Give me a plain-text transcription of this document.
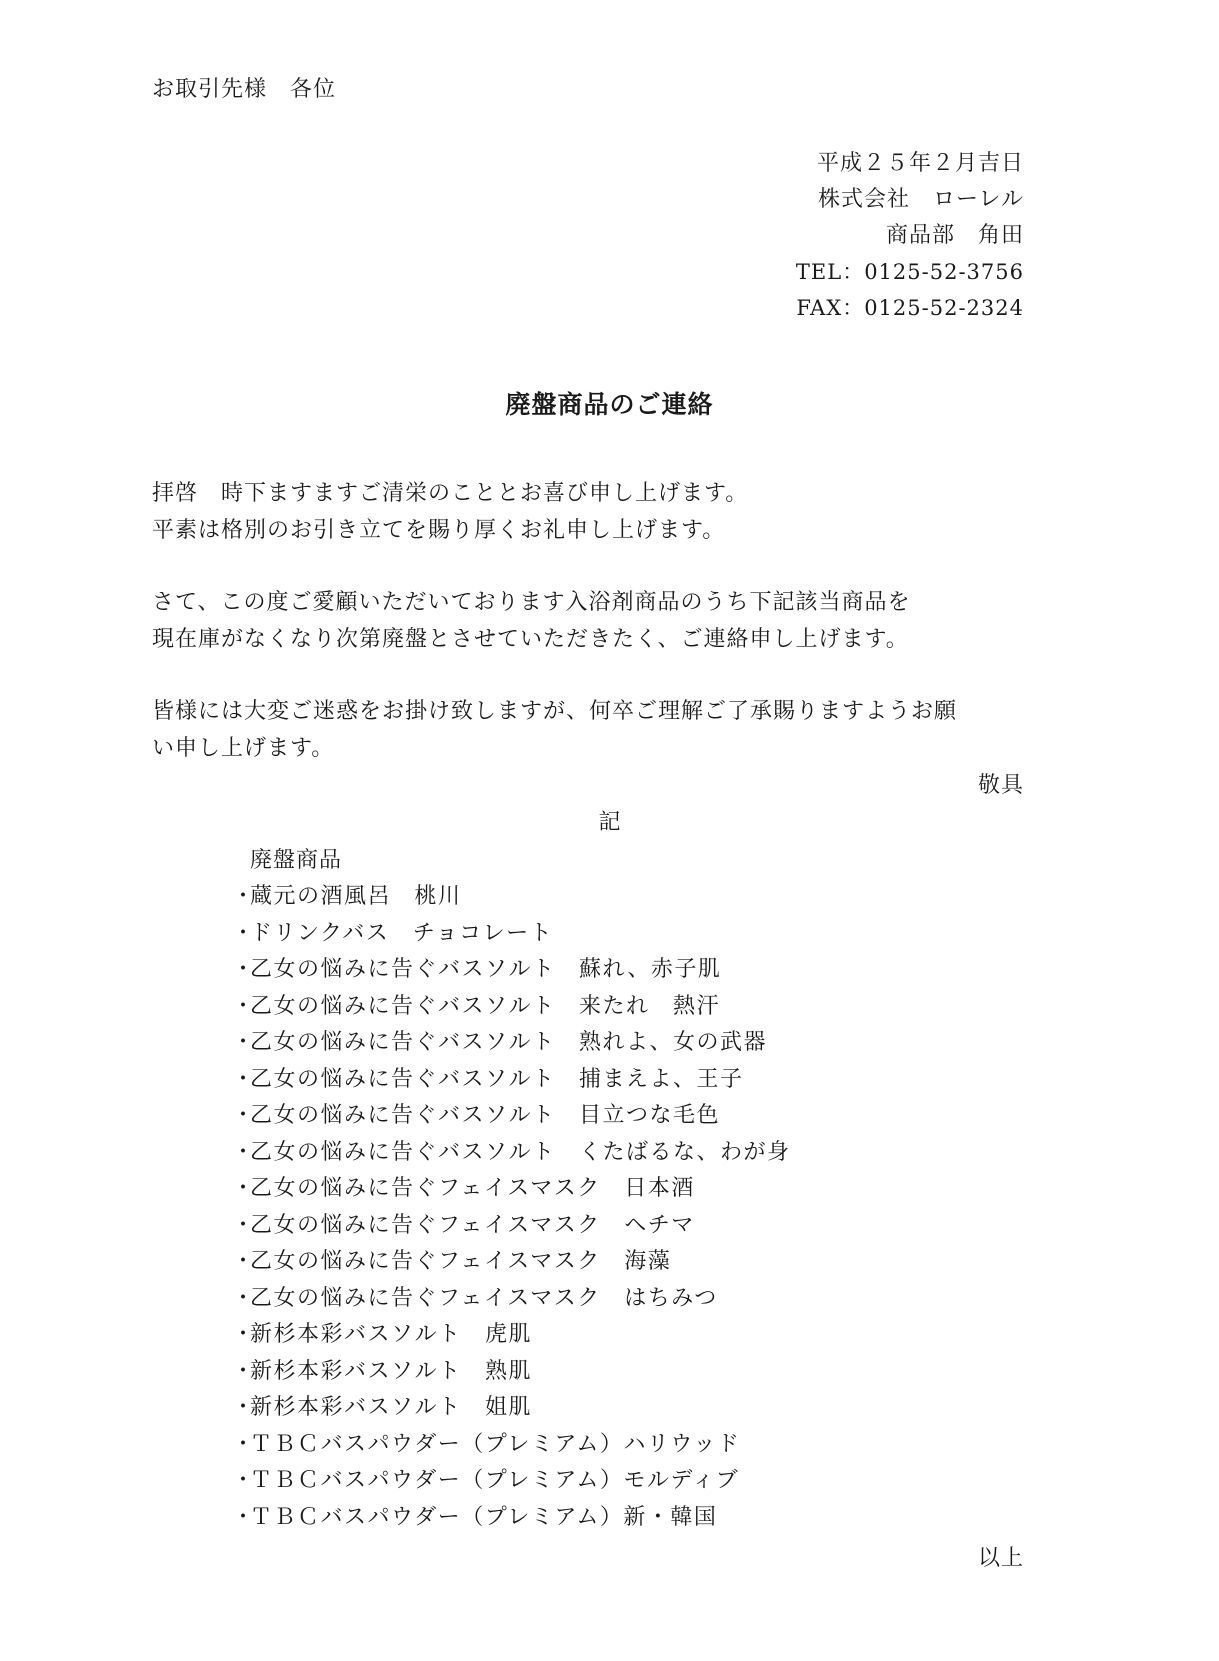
お取引先様　各位
平成２５年２月吉日
株式会社　ローレル
商品部　角田
TEL：0125-52-3756
FAX：0125-52-2324
廃盤商品のご連絡
拝啓　時下ますますご清栄のこととお喜び申し上げます。
平素は格別のお引き立てを賜り厚くお礼申し上げます。
さて、この度ご愛顧いただいております入浴剤商品のうち下記該当商品を
現在庫がなくなり次第廃盤とさせていただきたく、ご連絡申し上げます。
皆様には大変ご迷惑をお掛け致しますが、何卒ご理解ご了承賜りますようお願
い申し上げます。
敬具
記
廃盤商品
・蔵元の酒風呂　桃川
・ドリンクバス　チョコレート
・乙女の悩みに告ぐバスソルト　蘇れ、赤子肌
・乙女の悩みに告ぐバスソルト　来たれ　熱汗
・乙女の悩みに告ぐバスソルト　熟れよ、女の武器
・乙女の悩みに告ぐバスソルト　捕まえよ、王子
・乙女の悩みに告ぐバスソルト　目立つな毛色
・乙女の悩みに告ぐバスソルト　くたばるな、わが身
・乙女の悩みに告ぐフェイスマスク　日本酒
・乙女の悩みに告ぐフェイスマスク　ヘチマ
・乙女の悩みに告ぐフェイスマスク　海藻
・乙女の悩みに告ぐフェイスマスク　はちみつ
・新杉本彩バスソルト　虎肌
・新杉本彩バスソルト　熟肌
・新杉本彩バスソルト　姐肌
・ＴＢＣバスパウダー（プレミアム）ハリウッド
・ＴＢＣバスパウダー（プレミアム）モルディブ
・ＴＢＣバスパウダー（プレミアム）新・韓国
以上
